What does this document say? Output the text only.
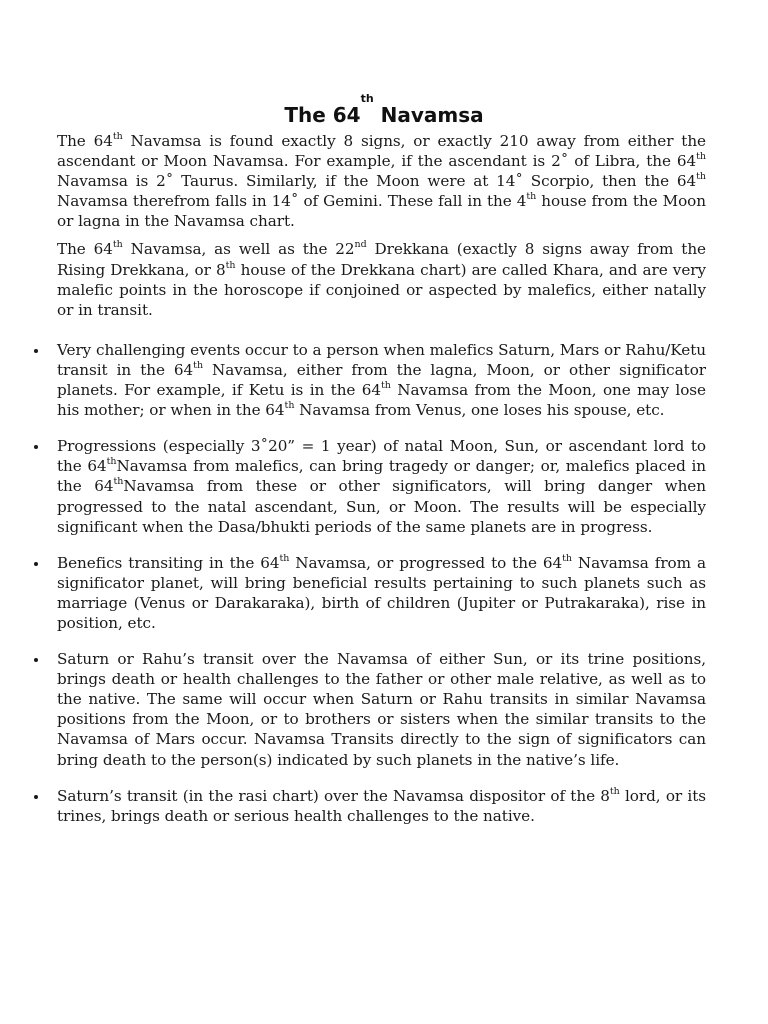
The 64th Navamsa

The 64th Navamsa is found exactly 8 signs, or exactly 210 away from either the ascendant or Moon Navamsa. For example, if the ascendant is 2˚ of Libra, the 64th Navamsa is 2˚ Taurus. Similarly, if the Moon were at 14˚ Scorpio, then the 64th Navamsa therefrom falls in 14˚ of Gemini. These fall in the 4th house from the Moon or lagna in the Navamsa chart.

The 64th Navamsa, as well as the 22nd Drekkana (exactly 8 signs away from the Rising Drekkana, or 8th house of the Drekkana chart) are called Khara, and are very malefic points in the horoscope if conjoined or aspected by malefics, either natally or in transit.

Very challenging events occur to a person when malefics Saturn, Mars or Rahu/Ketu transit in the 64th Navamsa, either from the lagna, Moon, or other significator planets. For example, if Ketu is in the 64th Navamsa from the Moon, one may lose his mother; or when in the 64th Navamsa from Venus, one loses his spouse, etc.
Progressions (especially 3˚20” = 1 year) of natal Moon, Sun, or ascendant lord to the 64thNavamsa from malefics, can bring tragedy or danger; or, malefics placed in the 64thNavamsa from these or other significators, will bring danger when progressed to the natal ascendant, Sun, or Moon. The results will be especially significant when the Dasa/bhukti periods of the same planets are in progress.
Benefics transiting in the 64th Navamsa, or progressed to the 64th Navamsa from a significator planet, will bring beneficial results pertaining to such planets such as marriage (Venus or Darakaraka), birth of children (Jupiter or Putrakaraka), rise in position, etc.
Saturn or Rahu’s transit over the Navamsa of either Sun, or its trine positions, brings death or health challenges to the father or other male relative, as well as to the native. The same will occur when Saturn or Rahu transits in similar Navamsa positions from the Moon, or to brothers or sisters when the similar transits to the Navamsa of Mars occur. Navamsa Transits directly to the sign of significators can bring death to the person(s) indicated by such planets in the native’s life.
Saturn’s transit (in the rasi chart) over the Navamsa dispositor of the 8th lord, or its trines, brings death or serious health challenges to the native.
